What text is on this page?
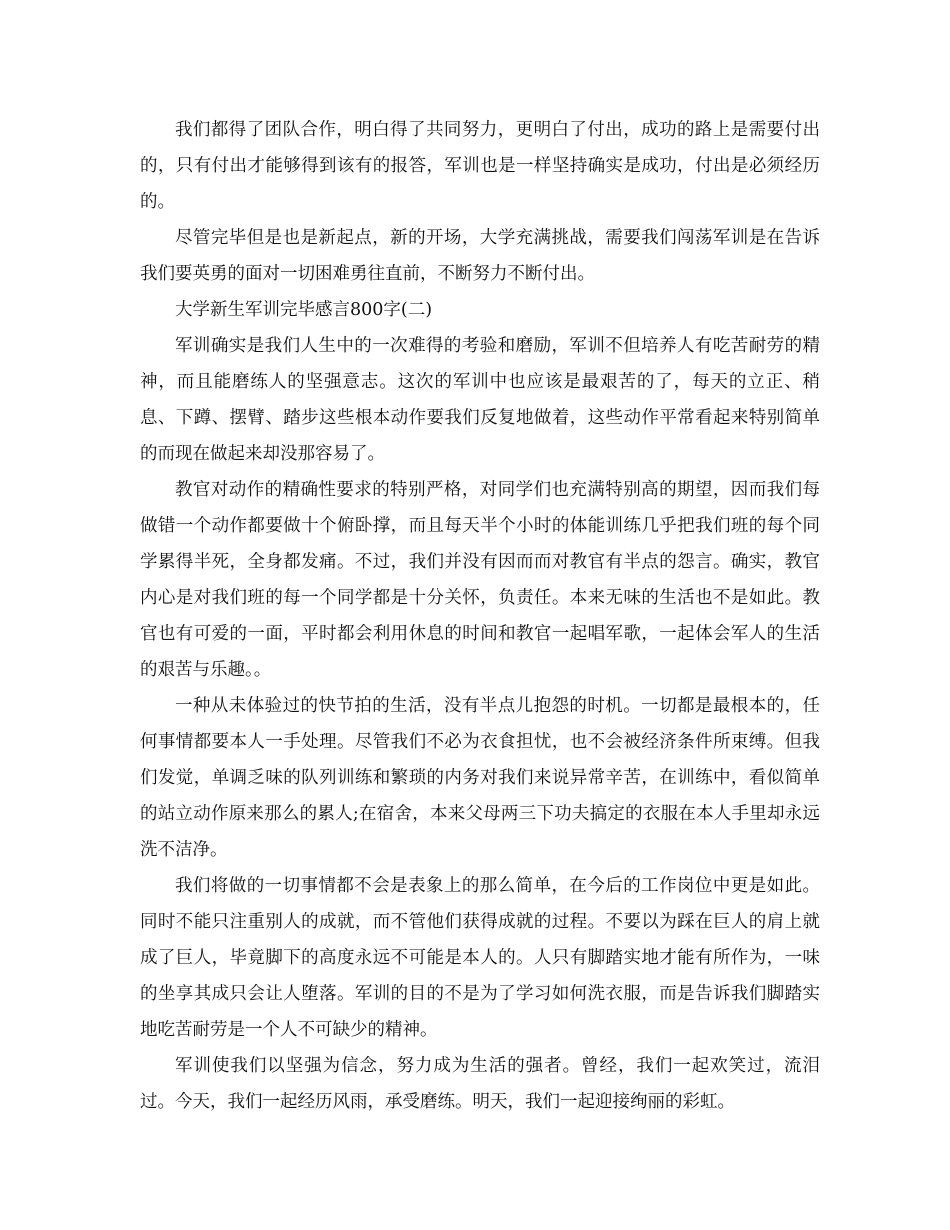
我们都得了团队合作，明白得了共同努力，更明白了付出，成功的路上是需要付出的，只有付出才能够得到该有的报答，军训也是一样坚持确实是成功，付出是必须经历的。

尽管完毕但是也是新起点，新的开场，大学充满挑战，需要我们闯荡军训是在告诉我们要英勇的面对一切困难勇往直前，不断努力不断付出。

大学新生军训完毕感言800字(二)

军训确实是我们人生中的一次难得的考验和磨励，军训不但培养人有吃苦耐劳的精神，而且能磨练人的坚强意志。这次的军训中也应该是最艰苦的了，每天的立正、稍息、下蹲、摆臂、踏步这些根本动作要我们反复地做着，这些动作平常看起来特别简单的而现在做起来却没那容易了。

教官对动作的精确性要求的特别严格，对同学们也充满特别高的期望，因而我们每做错一个动作都要做十个俯卧撑，而且每天半个小时的体能训练几乎把我们班的每个同学累得半死，全身都发痛。不过，我们并没有因而而对教官有半点的怨言。确实，教官内心是对我们班的每一个同学都是十分关怀，负责任。本来无味的生活也不是如此。教官也有可爱的一面，平时都会利用休息的时间和教官一起唱军歌，一起体会军人的生活的艰苦与乐趣。。

一种从未体验过的快节拍的生活，没有半点儿抱怨的时机。一切都是最根本的，任何事情都要本人一手处理。尽管我们不必为衣食担忧，也不会被经济条件所束缚。但我们发觉，单调乏味的队列训练和繁琐的内务对我们来说异常辛苦，在训练中，看似简单的站立动作原来那么的累人;在宿舍，本来父母两三下功夫搞定的衣服在本人手里却永远洗不洁净。

我们将做的一切事情都不会是表象上的那么简单，在今后的工作岗位中更是如此。同时不能只注重别人的成就，而不管他们获得成就的过程。不要以为踩在巨人的肩上就成了巨人，毕竟脚下的高度永远不可能是本人的。人只有脚踏实地才能有所作为，一味的坐享其成只会让人堕落。军训的目的不是为了学习如何洗衣服，而是告诉我们脚踏实地吃苦耐劳是一个人不可缺少的精神。

军训使我们以坚强为信念，努力成为生活的强者。曾经，我们一起欢笑过，流泪过。今天，我们一起经历风雨，承受磨练。明天，我们一起迎接绚丽的彩虹。
